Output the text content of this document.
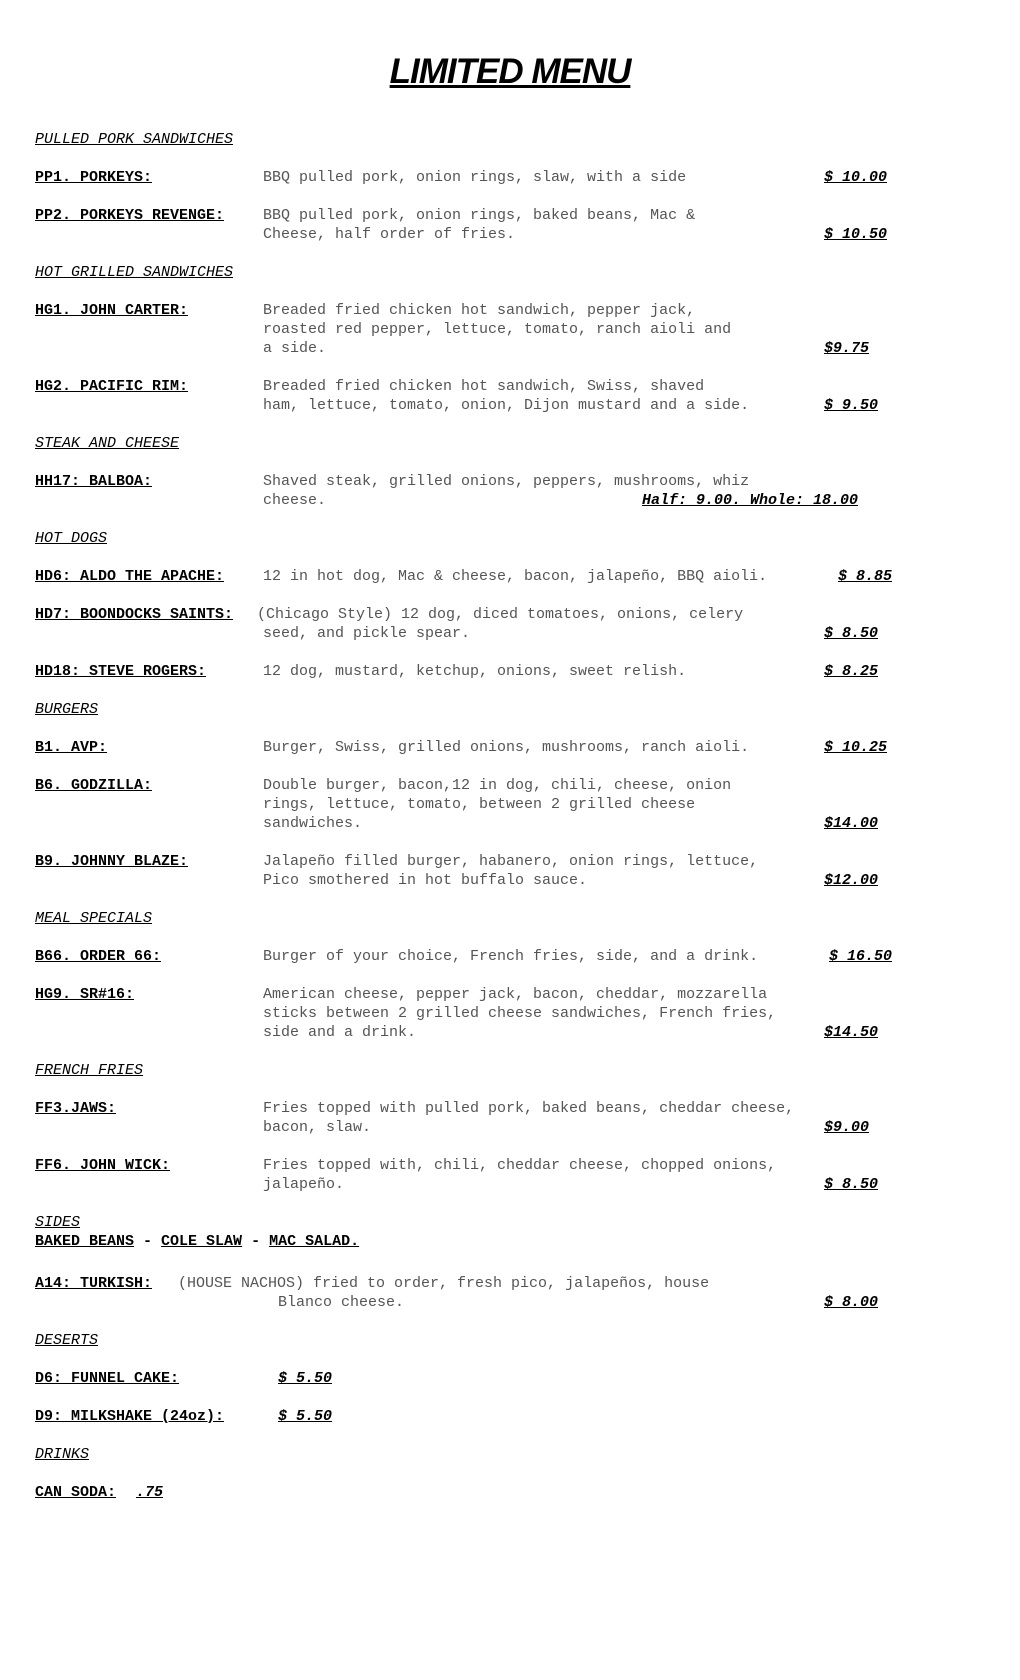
LIMITED MENU
PULLED PORK SANDWICHES
PP1. PORKEYS:	BBQ pulled pork, onion rings, slaw, with a side	$ 10.00
PP2. PORKEYS REVENGE:	BBQ pulled pork, onion rings, baked beans, Mac &
Cheese, half order of fries.	$ 10.50
HOT GRILLED SANDWICHES
HG1. JOHN CARTER:	Breaded fried chicken hot sandwich, pepper jack,
roasted red pepper, lettuce, tomato, ranch aioli and
a side.	$9.75
HG2. PACIFIC RIM:	Breaded fried chicken hot sandwich, Swiss, shaved
ham, lettuce, tomato, onion, Dijon mustard and a side.	$ 9.50
STEAK AND CHEESE
HH17: BALBOA:	Shaved steak, grilled onions, peppers, mushrooms, whiz
cheese.	Half: 9.00. Whole: 18.00
HOT DOGS
HD6: ALDO THE APACHE:	12 in hot dog, Mac & cheese, bacon, jalapeño, BBQ aioli.	$ 8.85
HD7: BOONDOCKS SAINTS: (Chicago Style) 12 dog, diced tomatoes, onions, celery
seed, and pickle spear.	$ 8.50
HD18: STEVE ROGERS:	12 dog, mustard, ketchup, onions, sweet relish.	$ 8.25
BURGERS
B1. AVP:	Burger, Swiss, grilled onions, mushrooms, ranch aioli.	$ 10.25
B6. GODZILLA:	Double burger, bacon,12 in dog, chili, cheese, onion
rings, lettuce, tomato, between 2 grilled cheese
sandwiches.	$14.00
B9. JOHNNY BLAZE:	Jalapeño filled burger, habanero, onion rings, lettuce,
Pico smothered in hot buffalo sauce.	$12.00
MEAL SPECIALS
B66. ORDER 66:	Burger of your choice, French fries, side, and a drink.	$ 16.50
HG9. SR#16:	American cheese, pepper jack, bacon, cheddar, mozzarella
sticks between 2 grilled cheese sandwiches, French fries,
side and a drink.	$14.50
FRENCH FRIES
FF3.JAWS:	Fries topped with pulled pork, baked beans, cheddar cheese,
bacon, slaw.	$9.00
FF6. JOHN WICK:	Fries topped with, chili, cheddar cheese, chopped onions,
jalapeño.	$ 8.50
SIDES
BAKED BEANS - COLE SLAW - MAC SALAD.
A14: TURKISH: (HOUSE NACHOS) fried to order, fresh pico, jalapeños, house
Blanco cheese.	$ 8.00
DESERTS
D6: FUNNEL CAKE:	$ 5.50
D9: MILKSHAKE (24oz):	$ 5.50
DRINKS
CAN SODA: .75
